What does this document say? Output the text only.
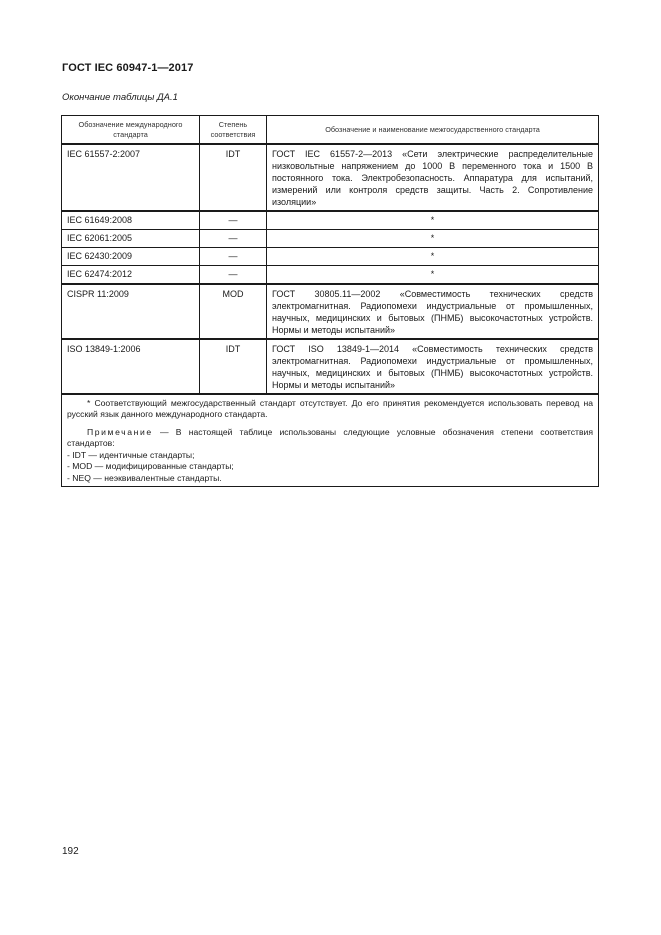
ГОСТ IEC 60947-1—2017
Окончание таблицы ДА.1
Обозначение международного стандарта	Степень соответствия	Обозначение и наименование межгосударственного стандарта
IEC 61557-2:2007	IDT	ГОСТ IEC 61557-2—2013 «Сети электрические распределительные низковольтные напряжением до 1000 В переменного тока и 1500 В постоянного тока. Электробезопасность. Аппаратура для испытаний, измерений или контроля средств защиты. Часть 2. Сопротивление изоляции»
IEC 61649:2008	—	*
IEC 62061:2005	—	*
IEC 62430:2009	—	*
IEC 62474:2012	—	*
CISPR 11:2009	MOD	ГОСТ 30805.11—2002 «Совместимость технических средств электромагнитная. Радиопомехи индустриальные от промышленных, научных, медицинских и бытовых (ПНМБ) высокочастотных устройств. Нормы и методы испытаний»
ISO 13849-1:2006	IDT	ГОСТ ISO 13849-1—2014 «Совместимость технических средств электромагнитная. Радиопомехи индустриальные от промышленных, научных, медицинских и бытовых (ПНМБ) высокочастотных устройств. Нормы и методы испытаний»

* Соответствующий межгосударственный стандарт отсутствует. До его принятия рекомендуется использовать перевод на русский язык данного международного стандарта.

Примечание — В настоящей таблице использованы следующие условные обозначения степени соответствия стандартов:

- IDT — идентичные стандарты;

- MOD — модифицированные стандарты;

- NEQ — неэквивалентные стандарты.		

192
